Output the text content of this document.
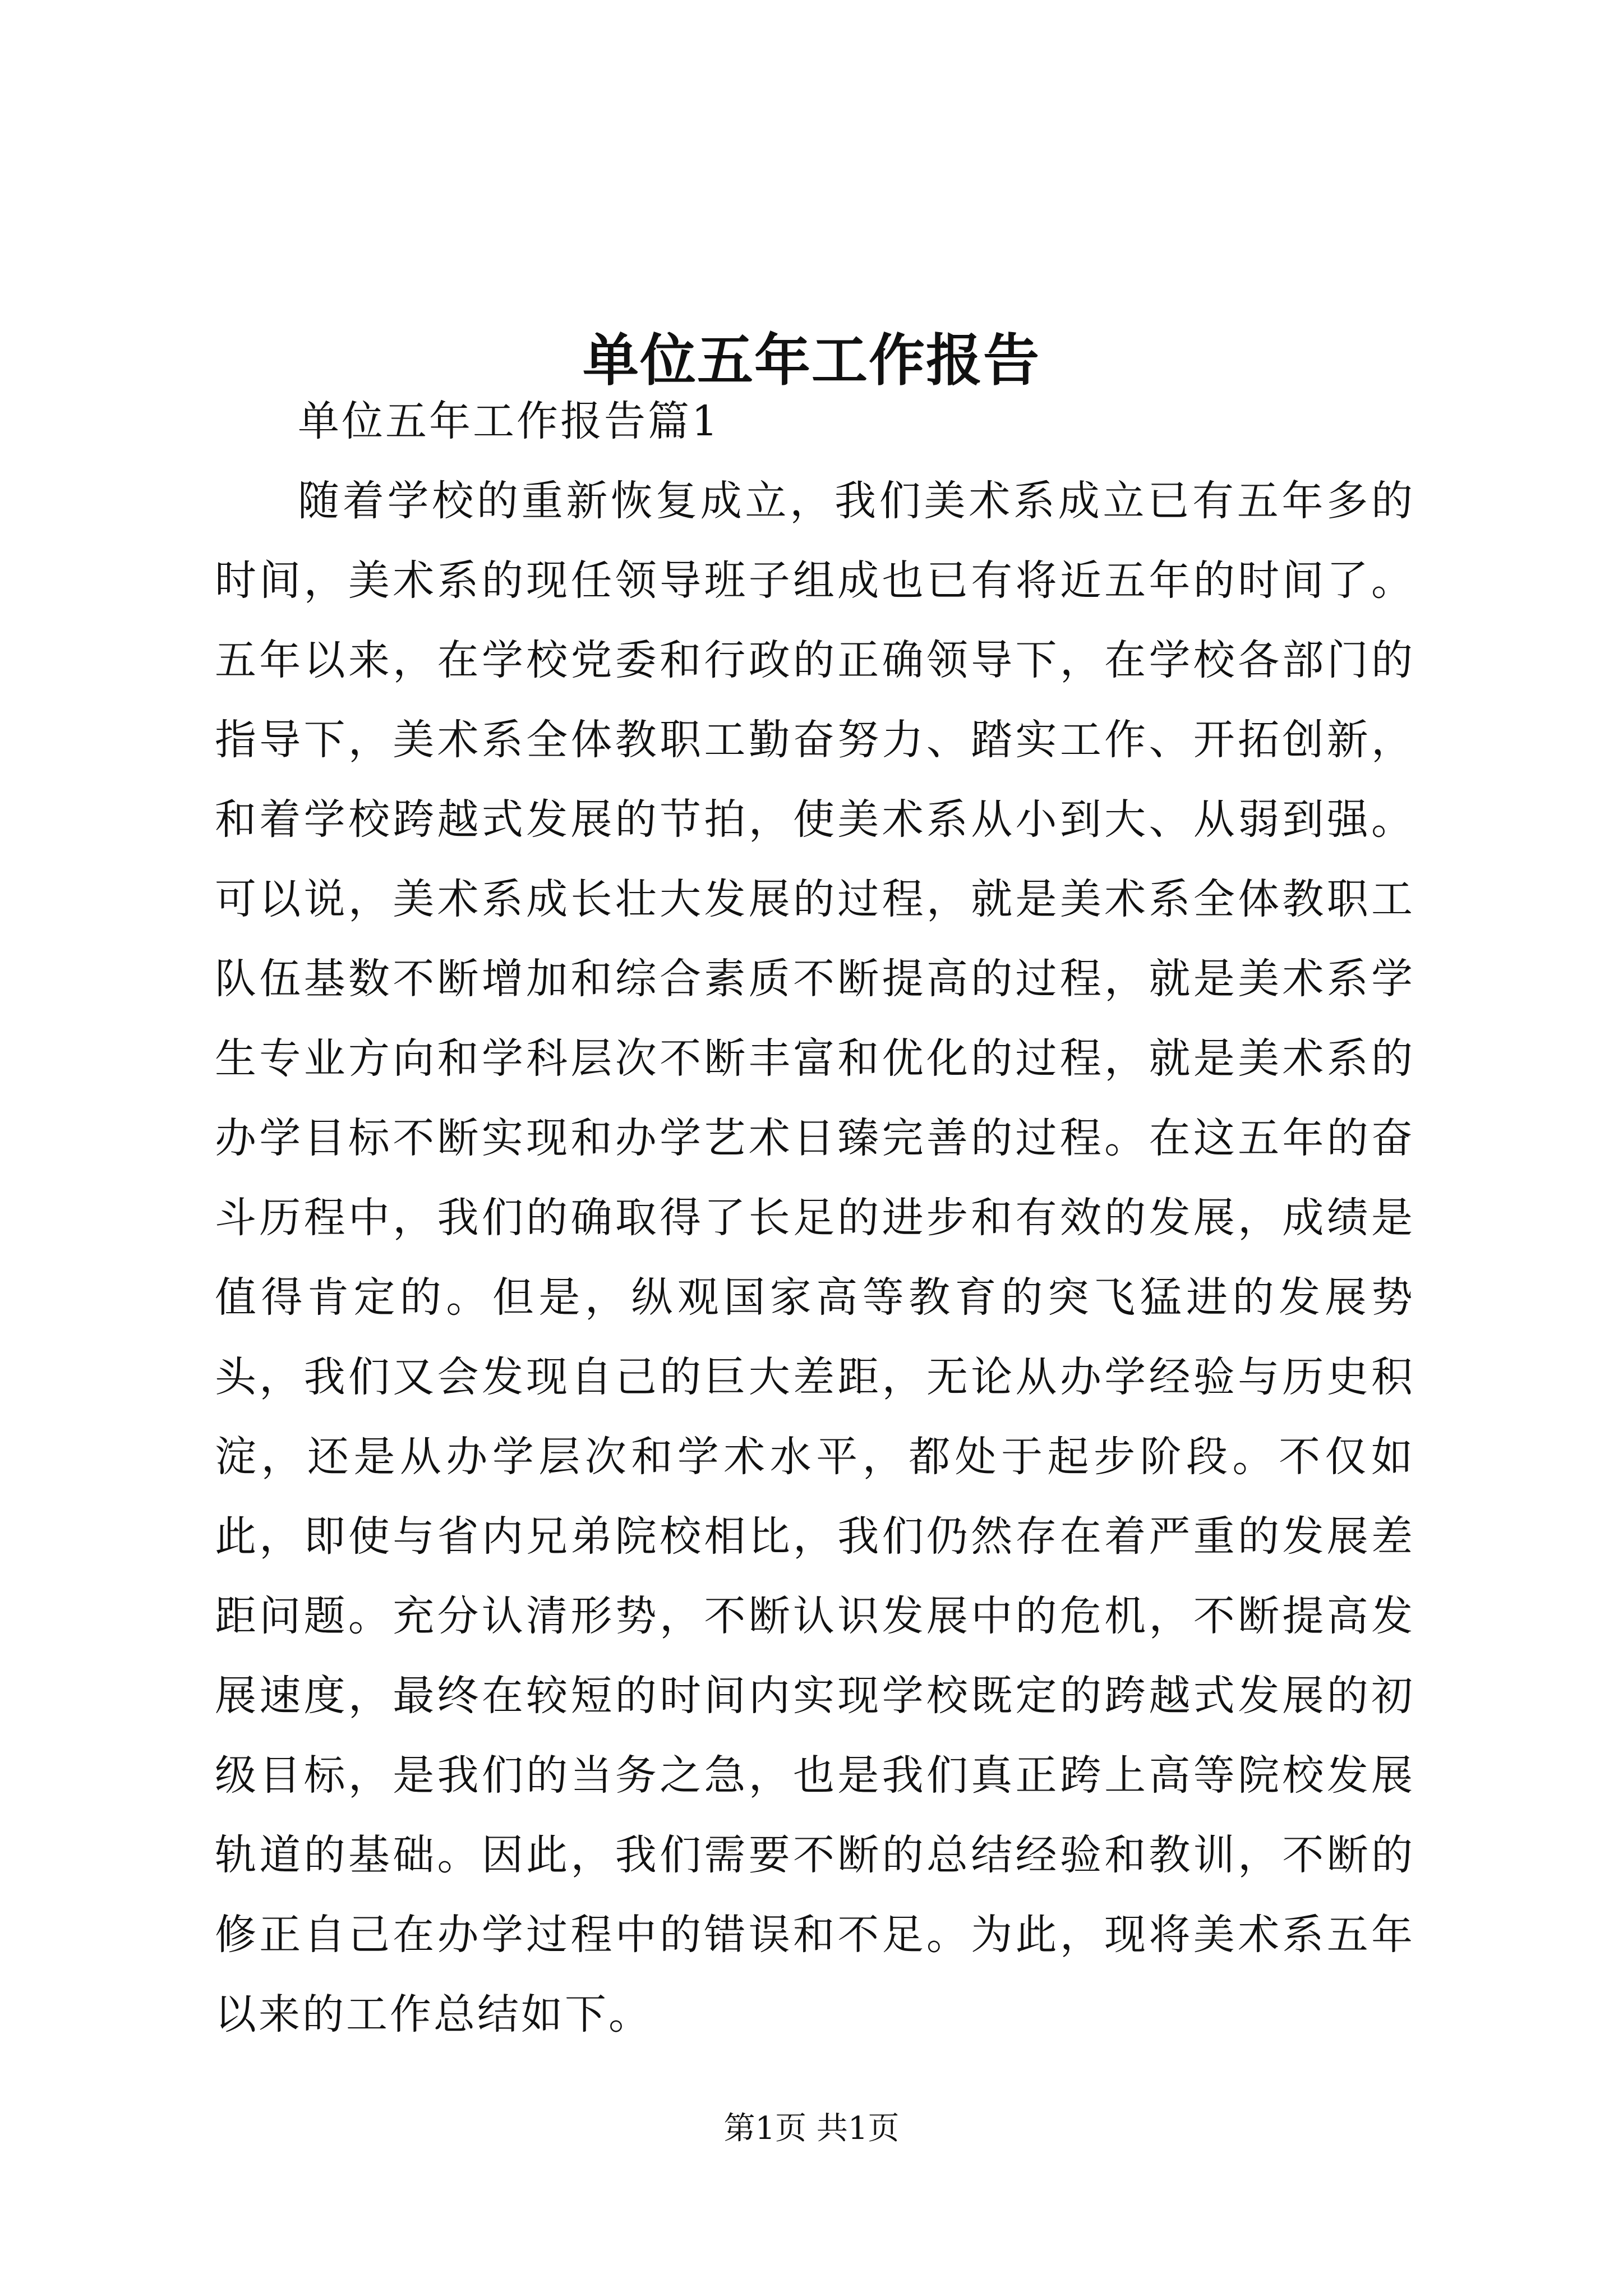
单位五年工作报告

单位五年工作报告篇1

随着学校的重新恢复成立，我们美术系成立已有五年多的时间，美术系的现任领导班子组成也已有将近五年的时间了。五年以来，在学校党委和行政的正确领导下，在学校各部门的指导下，美术系全体教职工勤奋努力、踏实工作、开拓创新，和着学校跨越式发展的节拍，使美术系从小到大、从弱到强。可以说，美术系成长壮大发展的过程，就是美术系全体教职工队伍基数不断增加和综合素质不断提高的过程，就是美术系学生专业方向和学科层次不断丰富和优化的过程，就是美术系的办学目标不断实现和办学艺术日臻完善的过程。在这五年的奋斗历程中，我们的确取得了长足的进步和有效的发展，成绩是值得肯定的。但是，纵观国家高等教育的突飞猛进的发展势头，我们又会发现自己的巨大差距，无论从办学经验与历史积淀，还是从办学层次和学术水平，都处于起步阶段。不仅如此，即使与省内兄弟院校相比，我们仍然存在着严重的发展差距问题。充分认清形势，不断认识发展中的危机，不断提高发展速度，最终在较短的时间内实现学校既定的跨越式发展的初级目标，是我们的当务之急，也是我们真正跨上高等院校发展轨道的基础。因此，我们需要不断的总结经验和教训，不断的修正自己在办学过程中的错误和不足。为此，现将美术系五年以来的工作总结如下。

第1页 共1页
